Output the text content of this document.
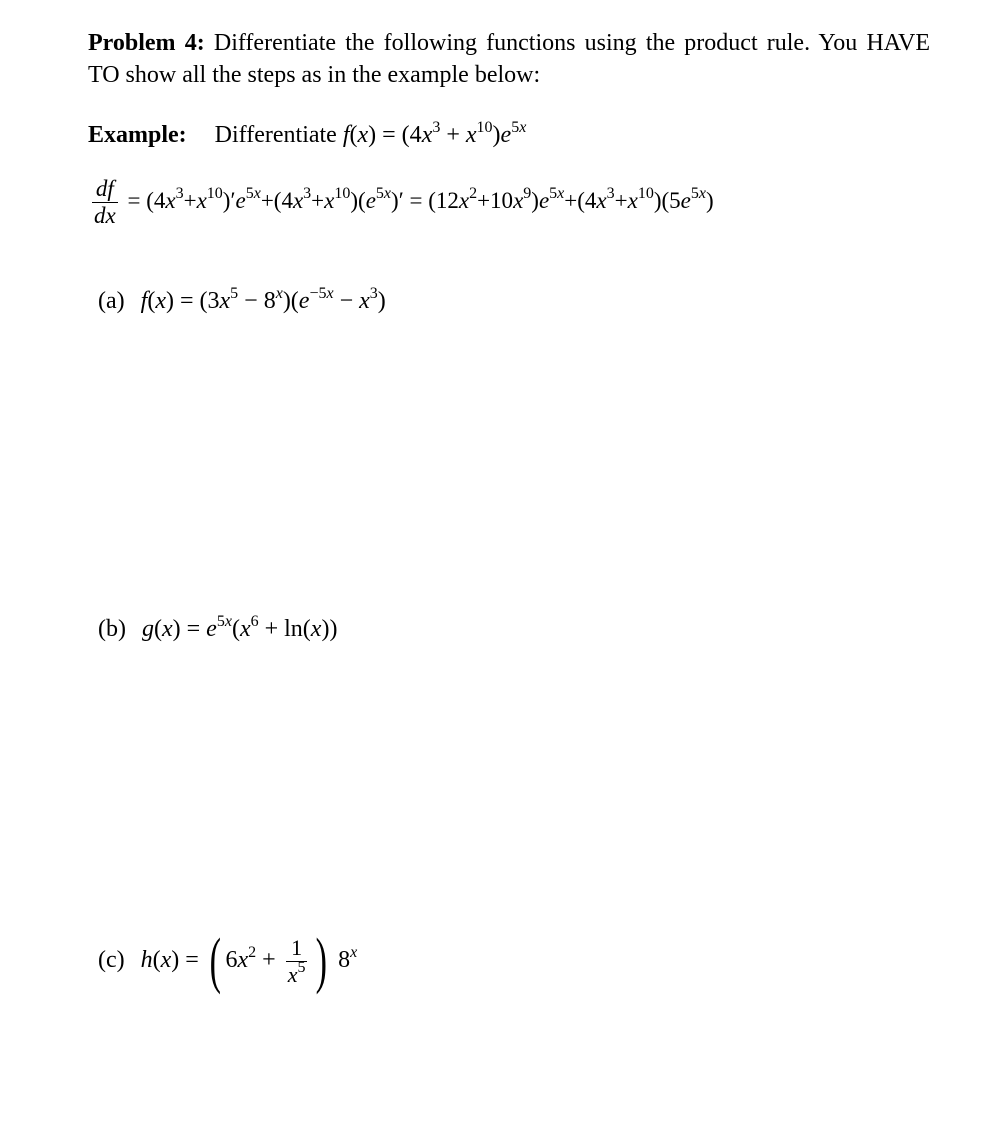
Problem 4: Differentiate the following functions using the product rule. You HAVE TO show all the steps as in the example below:
Example: Differentiate $f(x) = (4x^3 + x^{10})e^{5x}$
$\frac{df}{dx} = (4x^3+x^{10})'e^{5x}+(4x^3+x^{10})(e^{5x})' = (12x^2+10x^9)e^{5x}+(4x^3+x^{10})(5e^{5x})$
(a) $f(x) = (3x^5 - 8^x)(e^{-5x} - x^3)$
(b) $g(x) = e^{5x}(x^6 + \ln(x))$
(c) h(x) = ( $6x^2 + \frac{1}{x^5}$ ) 8$^x$
